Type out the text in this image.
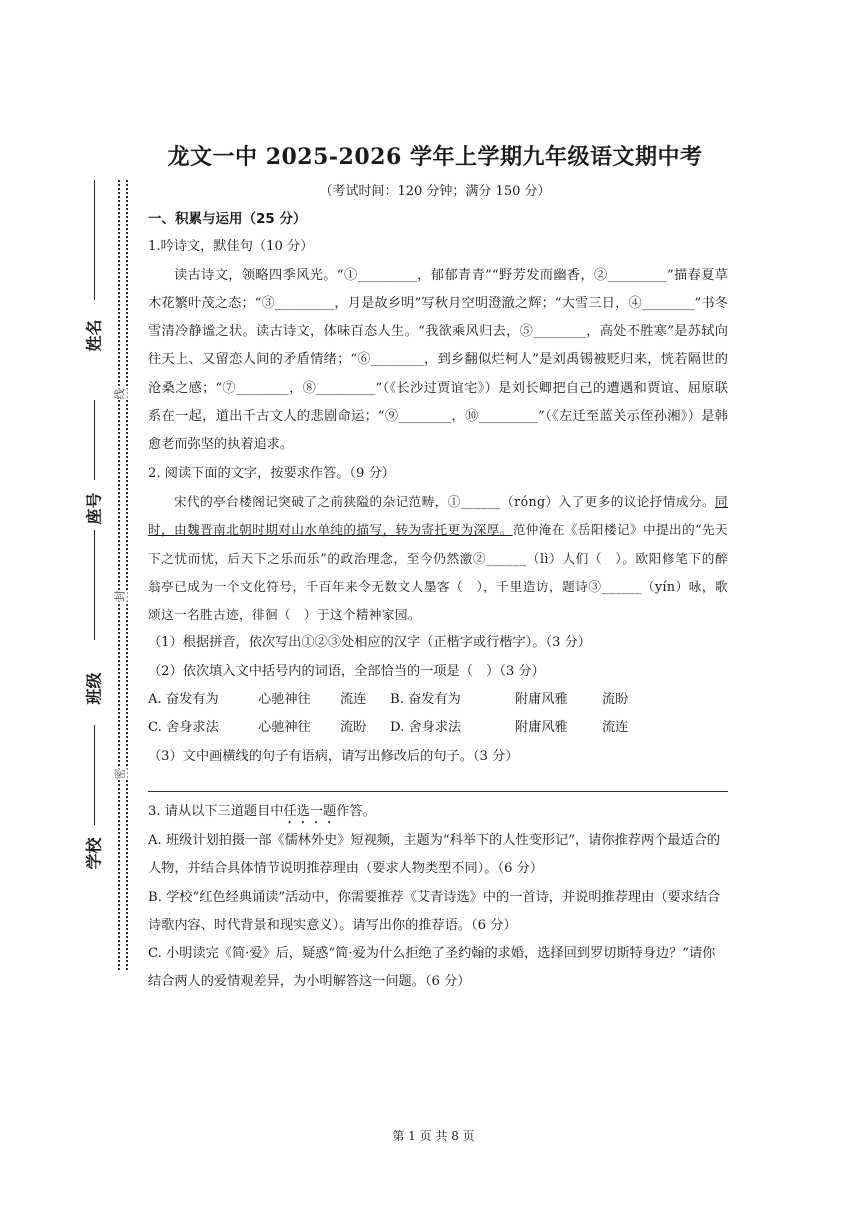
姓名
座号
班级
学校
线
封
密
龙文一中 2025-2026 学年上学期九年级语文期中考
（考试时间：120 分钟；满分 150 分）
一、积累与运用（25 分）
1.吟诗文，默佳句（10 分）
读古诗文，领略四季风光。“①_________，郁郁青青”“野芳发而幽香，②_________”描春夏草木花繁叶茂之态；“③_________，月是故乡明”写秋月空明澄澈之辉；“大雪三日，④________”书冬雪清冷静谧之状。读古诗文，体味百态人生。“我欲乘风归去，⑤________，高处不胜寒”是苏轼向往天上、又留恋人间的矛盾情绪；“⑥________，到乡翻似烂柯人”是刘禹锡被贬归来，恍若隔世的沧桑之感；“⑦________，⑧_________”（《长沙过贾谊宅》）是刘长卿把自己的遭遇和贾谊、屈原联系在一起，道出千古文人的悲剧命运；“⑨________，⑩_________”（《左迁至蓝关示侄孙湘》）是韩愈老而弥坚的执着追求。
2. 阅读下面的文字，按要求作答。（9 分）
宋代的亭台楼阁记突破了之前狭隘的杂记范畴，①______（róng）入了更多的议论抒情成分。同时，由魏晋南北朝时期对山水单纯的描写，转为寄托更为深厚。范仲淹在《岳阳楼记》中提出的“先天下之忧而忧，后天下之乐而乐”的政治理念，至今仍然激②______（lì）人们（　）。欧阳修笔下的醉翁亭已成为一个文化符号，千百年来令无数文人墨客（　），千里造访，题诗③______（yín）咏，歌颂这一名胜古迹，徘徊（　）于这个精神家园。
（1）根据拼音，依次写出①②③处相应的汉字（正楷字或行楷字）。（3 分）
（2）依次填入文中括号内的词语，全部恰当的一项是（　）（3 分）
A. 奋发有为	心驰神往	流连	B. 奋发有为	附庸风雅	流盼
C. 舍身求法	心驰神往	流盼	D. 舍身求法	附庸风雅	流连
（3）文中画横线的句子有语病，请写出修改后的句子。（3 分）
3. 请从以下三道题目中任选一题作答。
A. 班级计划拍摄一部《儒林外史》短视频，主题为“科举下的人性变形记”，请你推荐两个最适合的人物，并结合具体情节说明推荐理由（要求人物类型不同）。（6 分）
B. 学校“红色经典诵读”活动中，你需要推荐《艾青诗选》中的一首诗，并说明推荐理由（要求结合诗歌内容、时代背景和现实意义）。请写出你的推荐语。（6 分）
C. 小明读完《简·爱》后，疑惑“简·爱为什么拒绝了圣约翰的求婚，选择回到罗切斯特身边？”请你结合两人的爱情观差异，为小明解答这一问题。（6 分）
第 1 页 共 8 页
